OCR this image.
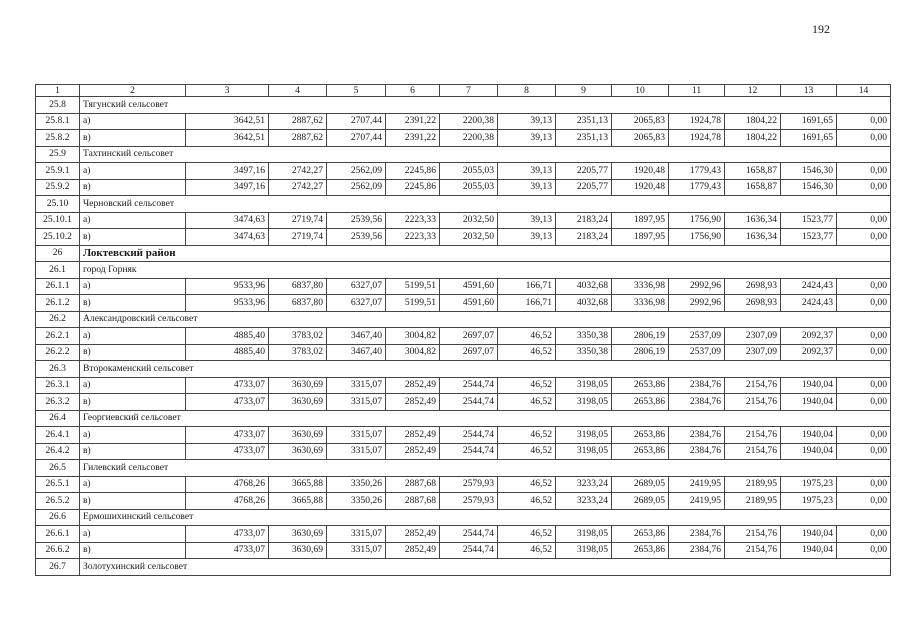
192
1	2	3	4	5	6	7	8	9	10	11	12	13	14
25.8	Тягунский сельсовет												
25.8.1	а)	3642,51	2887,62	2707,44	2391,22	2200,38	39,13	2351,13	2065,83	1924,78	1804,22	1691,65	0,00
25.8.2	в)	3642,51	2887,62	2707,44	2391,22	2200,38	39,13	2351,13	2065,83	1924,78	1804,22	1691,65	0,00
25.9	Тахтинский сельсовет												
25.9.1	а)	3497,16	2742,27	2562,09	2245,86	2055,03	39,13	2205,77	1920,48	1779,43	1658,87	1546,30	0,00
25.9.2	в)	3497,16	2742,27	2562,09	2245,86	2055,03	39,13	2205,77	1920,48	1779,43	1658,87	1546,30	0,00
25.10	Черновский сельсовет												
25.10.1	а)	3474,63	2719,74	2539,56	2223,33	2032,50	39,13	2183,24	1897,95	1756,90	1636,34	1523,77	0,00
25.10.2	в)	3474,63	2719,74	2539,56	2223,33	2032,50	39,13	2183,24	1897,95	1756,90	1636,34	1523,77	0,00
26	Локтевский район												
26.1	город Горняк												
26.1.1	а)	9533,96	6837,80	6327,07	5199,51	4591,60	166,71	4032,68	3336,98	2992,96	2698,93	2424,43	0,00
26.1.2	в)	9533,96	6837,80	6327,07	5199,51	4591,60	166,71	4032,68	3336,98	2992,96	2698,93	2424,43	0,00
26.2	Александровский сельсовет												
26.2.1	а)	4885,40	3783,02	3467,40	3004,82	2697,07	46,52	3350,38	2806,19	2537,09	2307,09	2092,37	0,00
26.2.2	в)	4885,40	3783,02	3467,40	3004,82	2697,07	46,52	3350,38	2806,19	2537,09	2307,09	2092,37	0,00
26.3	Второкаменский сельсовет												
26.3.1	а)	4733,07	3630,69	3315,07	2852,49	2544,74	46,52	3198,05	2653,86	2384,76	2154,76	1940,04	0,00
26.3.2	в)	4733,07	3630,69	3315,07	2852,49	2544,74	46,52	3198,05	2653,86	2384,76	2154,76	1940,04	0,00
26.4	Георгиевский сельсовет												
26.4.1	а)	4733,07	3630,69	3315,07	2852,49	2544,74	46,52	3198,05	2653,86	2384,76	2154,76	1940,04	0,00
26.4.2	в)	4733,07	3630,69	3315,07	2852,49	2544,74	46,52	3198,05	2653,86	2384,76	2154,76	1940,04	0,00
26.5	Гилевский сельсовет												
26.5.1	а)	4768,26	3665,88	3350,26	2887,68	2579,93	46,52	3233,24	2689,05	2419,95	2189,95	1975,23	0,00
26.5.2	в)	4768,26	3665,88	3350,26	2887,68	2579,93	46,52	3233,24	2689,05	2419,95	2189,95	1975,23	0,00
26.6	Ермошихинский сельсовет												
26.6.1	а)	4733,07	3630,69	3315,07	2852,49	2544,74	46,52	3198,05	2653,86	2384,76	2154,76	1940,04	0,00
26.6.2	в)	4733,07	3630,69	3315,07	2852,49	2544,74	46,52	3198,05	2653,86	2384,76	2154,76	1940,04	0,00
26.7	Золотухинский сельсовет												
